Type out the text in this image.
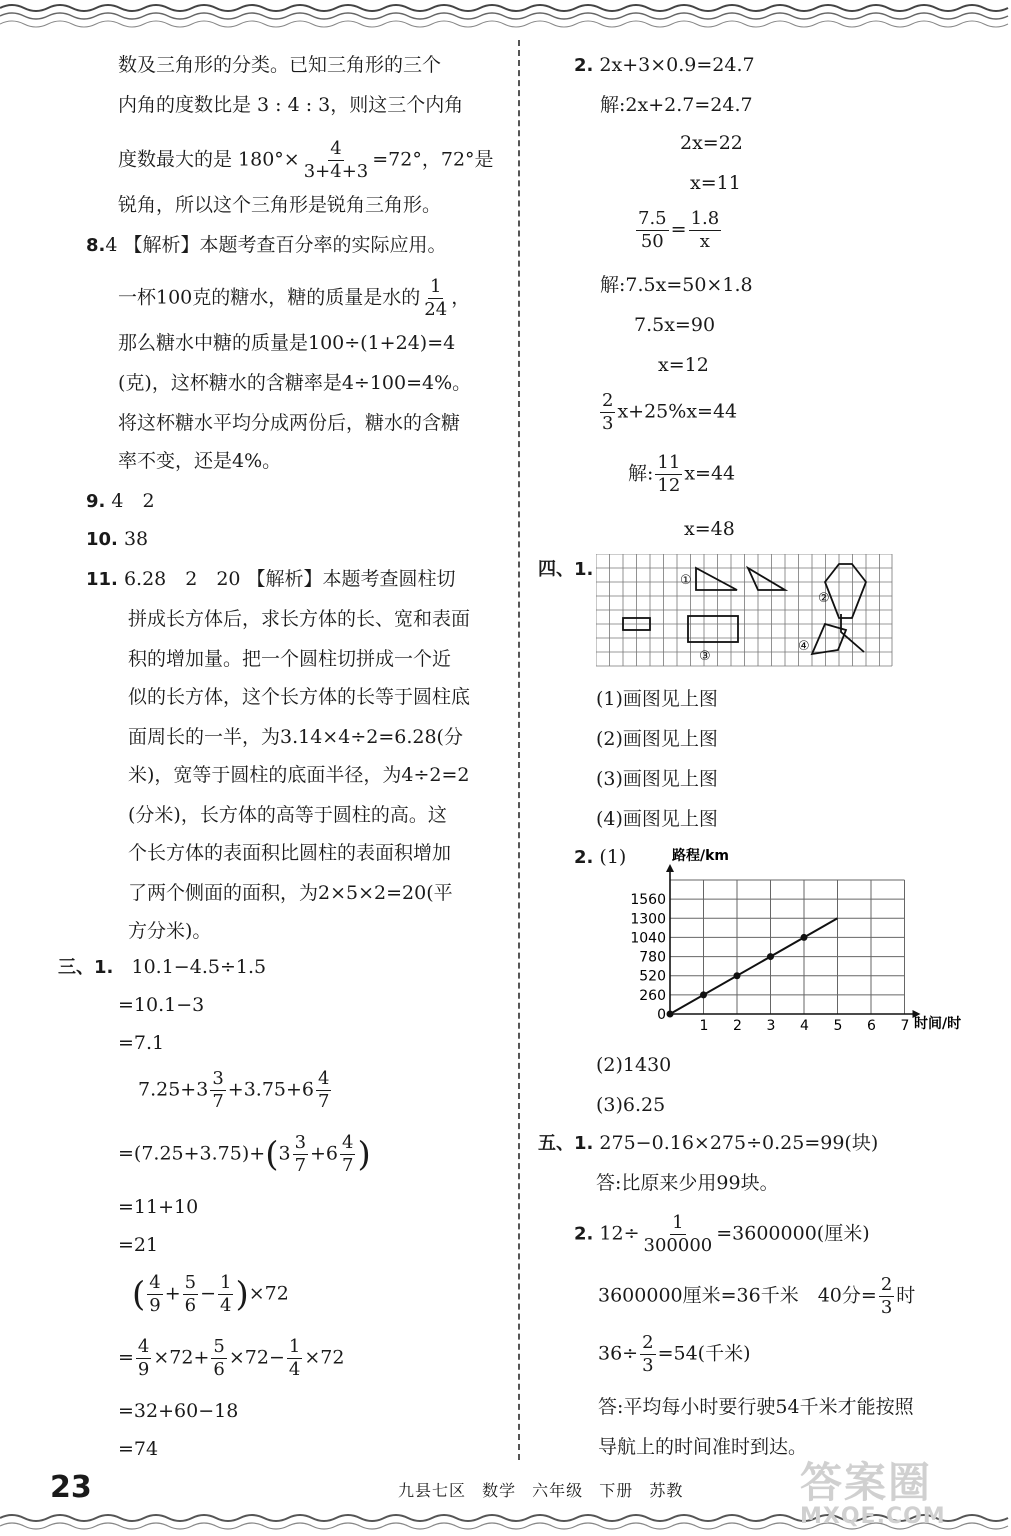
数及三角形的分类。已知三角形的三个
内角的度数比是 3 : 4 : 3，则这三个内角
度数最大的是 $180^\circ\times \frac{4}{3+4+3} =72^\circ$，72°是
锐角，所以这个三角形是锐角三角形。
8.4 【解析】本题考查百分率的实际应用。
一杯100克的糖水，糖的质量是水的 $\frac{1}{24}$ ，
那么糖水中糖的质量是100÷(1+24)=4
(克)，这杯糖水的含糖率是4÷100=4%。
将这杯糖水平均分成两份后，糖水的含糖
率不变，还是4%。
9. 4　2
10. 38
11. 6.28　2　20 【解析】本题考查圆柱切
拼成长方体后，求长方体的长、宽和表面
积的增加量。把一个圆柱切拼成一个近
似的长方体，这个长方体的长等于圆柱底
面周长的一半，为3.14×4÷2=6.28(分
米)，宽等于圆柱的底面半径，为4÷2=2
(分米)，长方体的高等于圆柱的高。这
个长方体的表面积比圆柱的表面积增加
了两个侧面的面积，为2×5×2=20(平
方分米)。
三、1. 10.1−4.5÷1.5
=10.1−3
=7.1
$7.25+3 \frac{3}{7} +3.75+6 \frac{4}{7}$
$=(7.25+3.75)+(3 \frac{3}{7} +6 \frac{4}{7}$ )
=11+10
=21
( $\frac{4}{9} + \frac{5}{6} - \frac{1}{4} )\times 72$
= $\frac{4}{9} \times 72+ \frac{5}{6} \times 72- \frac{1}{4} \times 72$
=32+60−18
=74
2. 2x+3×0.9=24.7
解:2x+2.7=24.7
2x=22
x=11
$\frac{7.5}{50} = \frac{1.8}{x}$
解:7.5x=50×1.8
7.5x=90
x=12
$\frac{2}{3} x+25\%x=44$
解: $\frac{11}{12} x=44$
x=48
四、1.
①
②
③
④
(1)画图见上图
(2)画图见上图
(3)画图见上图
(4)画图见上图
2. (1)
1 2 3 4 5 6 7
0
260
520
780
1040
1300
1560
路程/km
时间/时
(2)1430
(3)6.25
五、1. 275−0.16×275÷0.25=99(块)
答:比原来少用99块。
2. $12\div \frac{1}{300000} =3600000$(厘米)
3600000厘米=36千米　40分= $\frac{2}{3}$ 时
$36\div \frac{2}{3} =54$(千米)
答:平均每小时要行驶54千米才能按照
导航上的时间准时到达。
23	九县七区 数学 六年级 下册 苏教	答案圈
MXQE.COM
